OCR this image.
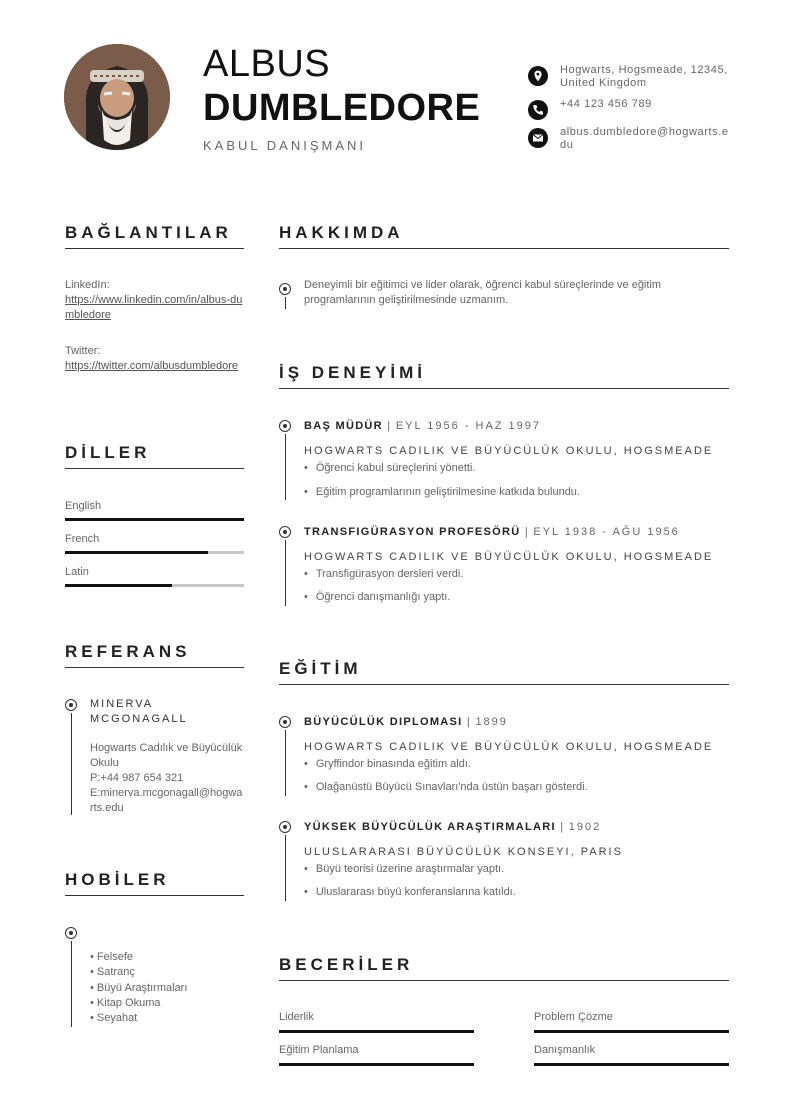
ALBUS
DUMBLEDORE
KABUL DANIŞMANI
Hogwarts, Hogsmeade, 12345, United Kingdom
+44 123 456 789
albus.dumbledore@hogwarts.edu
BAĞLANTILAR
LinkedIn:
https://www.linkedin.com/in/albus-dumbledore
Twitter:
https://twitter.com/albusdumbledore
DİLLER
English
French
Latin
REFERANS
MINERVA MCGONAGALL
Hogwarts Cadılık ve Büyücülük Okulu
P:+44 987 654 321
E:minerva.mcgonagall@hogwarts.edu
HOBİLER
• Felsefe
• Satranç
• Büyü Araştırmaları
• Kitap Okuma
• Seyahat
HAKKIMDA
Deneyimli bir eğitimci ve lider olarak, öğrenci kabul süreçlerinde ve eğitim programlarının geliştirilmesinde uzmanım.
İŞ DENEYİMİ
BAŞ MÜDÜR | EYL 1956 - HAZ 1997
HOGWARTS CADILIK VE BÜYÜCÜLÜK OKULU, HOGSMEADE
• Öğrenci kabul süreçlerini yönetti.
• Eğitim programlarının geliştirilmesine katkıda bulundu.
TRANSFIGÜRASYON PROFESÖRÜ | EYL 1938 - AĞU 1956
HOGWARTS CADILIK VE BÜYÜCÜLÜK OKULU, HOGSMEADE
• Transfigürasyon dersleri verdi.
• Öğrenci danışmanlığı yaptı.
EĞİTİM
BÜYÜCÜLÜK DIPLOMASI | 1899
HOGWARTS CADILIK VE BÜYÜCÜLÜK OKULU, HOGSMEADE
• Gryffindor binasında eğitim aldı.
• Olağanüstü Büyücü Sınavları'nda üstün başarı gösterdi.
YÜKSEK BÜYÜCÜLÜK ARAŞTIRMALARI | 1902
ULUSLARARASI BÜYÜCÜLÜK KONSEYI, PARIS
• Büyü teorisi üzerine araştırmalar yaptı.
• Uluslararası büyü konferanslarına katıldı.
BECERİLER
Liderlik	Problem Çözme
Eğitim Planlama	Danışmanlık
